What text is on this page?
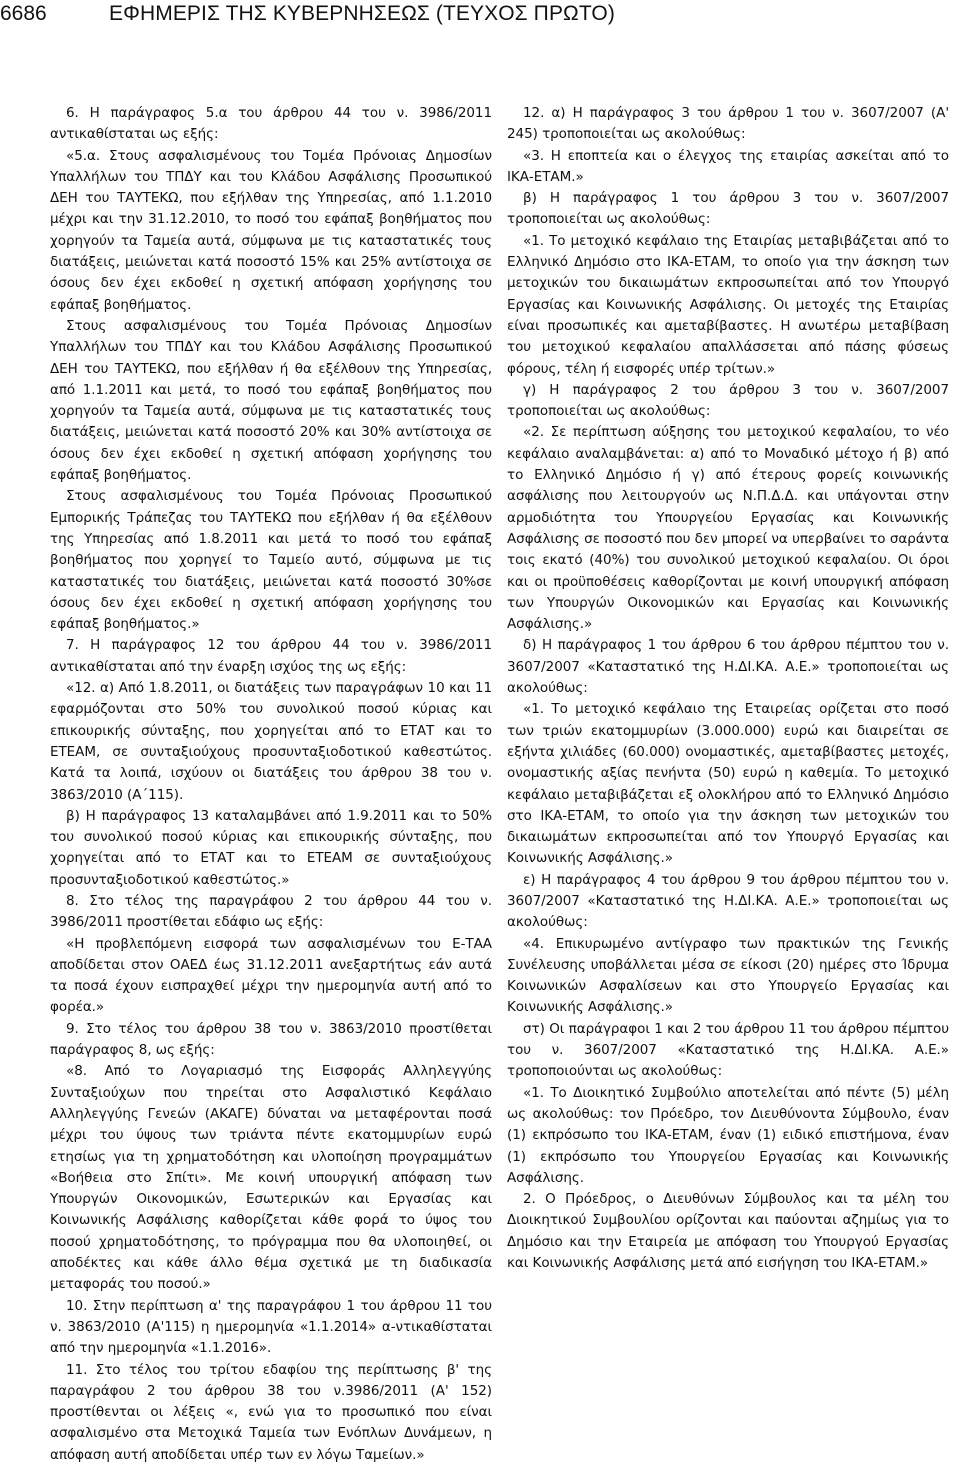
6686	ΕΦΗΜΕΡΙΣ ΤΗΣ ΚΥΒΕΡΝΗΣΕΩΣ (ΤΕΥΧΟΣ ΠΡΩΤΟ)

6. Η παράγραφος 5.α του άρθρου 44 του ν. 3986/2011 αντικαθίσταται ως εξής:

«5.α. Στους ασφαλισμένους του Τομέα Πρόνοιας Δημοσίων Υπαλλήλων του ΤΠΔΥ και του Κλάδου Ασφάλισης Προσωπικού ΔΕΗ του ΤΑΥΤΕΚΩ, που εξήλθαν της Υπηρεσίας, από 1.1.2010 μέχρι και την 31.12.2010, το ποσό του εφάπαξ βοηθήματος που χορηγούν τα Ταμεία αυτά, σύμφωνα με τις καταστατικές τους διατάξεις, μειώνεται κατά ποσοστό 15% και 25% αντίστοιχα σε όσους δεν έχει εκδοθεί η σχετική απόφαση χορήγησης του εφάπαξ βοηθήματος.

Στους ασφαλισμένους του Τομέα Πρόνοιας Δημοσίων Υπαλλήλων του ΤΠΔΥ και του Κλάδου Ασφάλισης Προσωπικού ΔΕΗ του ΤΑΥΤΕΚΩ, που εξήλθαν ή θα εξέλθουν της Υπηρεσίας, από 1.1.2011 και μετά, το ποσό του εφάπαξ βοηθήματος που χορηγούν τα Ταμεία αυτά, σύμφωνα με τις καταστατικές τους διατάξεις, μειώνεται κατά ποσοστό 20% και 30% αντίστοιχα σε όσους δεν έχει εκδοθεί η σχετική απόφαση χορήγησης του εφάπαξ βοηθήματος.

Στους ασφαλισμένους του Τομέα Πρόνοιας Προσωπικού Εμπορικής Τράπεζας του ΤΑΥΤΕΚΩ που εξήλθαν ή θα εξέλθουν της Υπηρεσίας από 1.8.2011 και μετά το ποσό του εφάπαξ βοηθήματος που χορηγεί το Ταμείο αυτό, σύμφωνα με τις καταστατικές του διατάξεις, μειώνεται κατά ποσοστό 30%σε όσους δεν έχει εκδοθεί η σχετική απόφαση χορήγησης του εφάπαξ βοηθήματος.»

7. Η παράγραφος 12 του άρθρου 44 του ν. 3986/2011 αντικαθίσταται από την έναρξη ισχύος της ως εξής:

«12. α) Από 1.8.2011, οι διατάξεις των παραγράφων 10 και 11 εφαρμόζονται στο 50% του συνολικού ποσού κύριας και επικουρικής σύνταξης, που χορηγείται από το ΕΤΑΤ και το ΕΤΕΑΜ, σε συνταξιούχους προσυνταξιοδοτικού καθεστώτος. Κατά τα λοιπά, ισχύουν οι διατάξεις του άρθρου 38 του ν. 3863/2010 (Α΄115).

β) Η παράγραφος 13 καταλαμβάνει από 1.9.2011 και το 50% του συνολικού ποσού κύριας και επικουρικής σύνταξης, που χορηγείται από το ΕΤΑΤ και το ΕΤΕΑΜ σε συνταξιούχους προσυνταξιοδοτικού καθεστώτος.»

8. Στο τέλος της παραγράφου 2 του άρθρου 44 του ν. 3986/2011 προστίθεται εδάφιο ως εξής:

«Η προβλεπόμενη εισφορά των ασφαλισμένων του Ε-ΤΑΑ αποδίδεται στον ΟΑΕΔ έως 31.12.2011 ανεξαρτήτως εάν αυτά τα ποσά έχουν εισπραχθεί μέχρι την ημερομηνία αυτή από το φορέα.»

9. Στο τέλος του άρθρου 38 του ν. 3863/2010 προστίθεται παράγραφος 8, ως εξής:

«8. Από το Λογαριασμό της Εισφοράς Αλληλεγγύης Συνταξιούχων που τηρείται στο Ασφαλιστικό Κεφάλαιο Αλληλεγγύης Γενεών (ΑΚΑΓΕ) δύναται να μεταφέρονται ποσά μέχρι του ύψους των τριάντα πέντε εκατομμυρίων ευρώ ετησίως για τη χρηματοδότηση και υλοποίηση προγραμμάτων «Βοήθεια στο Σπίτι». Με κοινή υπουργική απόφαση των Υπουργών Οικονομικών, Εσωτερικών και Εργασίας και Κοινωνικής Ασφάλισης καθορίζεται κάθε φορά το ύψος του ποσού χρηματοδότησης, το πρόγραμμα που θα υλοποιηθεί, οι αποδέκτες και κάθε άλλο θέμα σχετικά με τη διαδικασία μεταφοράς του ποσού.»

10. Στην περίπτωση α' της παραγράφου 1 του άρθρου 11 του ν. 3863/2010 (Α'115) η ημερομηνία «1.1.2014» α-ντικαθίσταται από την ημερομηνία «1.1.2016».

11. Στο τέλος του τρίτου εδαφίου της περίπτωσης β' της παραγράφου 2 του άρθρου 38 του ν.3986/2011 (Α' 152) προστίθενται οι λέξεις «, ενώ για το προσωπικό που είναι ασφαλισμένο στα Μετοχικά Ταμεία των Ενόπλων Δυνάμεων, η απόφαση αυτή αποδίδεται υπέρ των εν λόγω Ταμείων.»

12. α) Η παράγραφος 3 του άρθρου 1 του ν. 3607/2007 (Α' 245) τροποποιείται ως ακολούθως:

«3. Η εποπτεία και ο έλεγχος της εταιρίας ασκείται από το ΙΚΑ-ΕΤΑΜ.»

β) Η παράγραφος 1 του άρθρου 3 του ν. 3607/2007 τροποποιείται ως ακολούθως:

«1. Το μετοχικό κεφάλαιο της Εταιρίας μεταβιβάζεται από το Ελληνικό Δημόσιο στο ΙΚΑ-ΕΤΑΜ, το οποίο για την άσκηση των μετοχικών του δικαιωμάτων εκπροσωπείται από τον Υπουργό Εργασίας και Κοινωνικής Ασφάλισης. Οι μετοχές της Εταιρίας είναι προσωπικές και αμεταβίβαστες. Η ανωτέρω μεταβίβαση του μετοχικού κεφαλαίου απαλλάσσεται από πάσης φύσεως φόρους, τέλη ή εισφορές υπέρ τρίτων.»

γ) Η παράγραφος 2 του άρθρου 3 του ν. 3607/2007 τροποποιείται ως ακολούθως:

«2. Σε περίπτωση αύξησης του μετοχικού κεφαλαίου, το νέο κεφάλαιο αναλαμβάνεται: α) από το Μοναδικό μέτοχο ή β) από το Ελληνικό Δημόσιο ή γ) από έτερους φορείς κοινωνικής ασφάλισης που λειτουργούν ως Ν.Π.Δ.Δ. και υπάγονται στην αρμοδιότητα του Υπουργείου Εργασίας και Κοινωνικής Ασφάλισης σε ποσοστό που δεν μπορεί να υπερβαίνει το σαράντα τοις εκατό (40%) του συνολικού μετοχικού κεφαλαίου. Οι όροι και οι προϋποθέσεις καθορίζονται με κοινή υπουργική απόφαση των Υπουργών Οικονομικών και Εργασίας και Κοινωνικής Ασφάλισης.»

δ) Η παράγραφος 1 του άρθρου 6 του άρθρου πέμπτου του ν. 3607/2007 «Καταστατικό της Η.ΔΙ.ΚΑ. Α.Ε.» τροποποιείται ως ακολούθως:

«1. Το μετοχικό κεφάλαιο της Εταιρείας ορίζεται στο ποσό των τριών εκατομμυρίων (3.000.000) ευρώ και διαιρείται σε εξήντα χιλιάδες (60.000) ονομαστικές, αμεταβίβαστες μετοχές, ονομαστικής αξίας πενήντα (50) ευρώ η καθεμία. Το μετοχικό κεφάλαιο μεταβιβάζεται εξ ολοκλήρου από το Ελληνικό Δημόσιο στο ΙΚΑ-ΕΤΑΜ, το οποίο για την άσκηση των μετοχικών του δικαιωμάτων εκπροσωπείται από τον Υπουργό Εργασίας και Κοινωνικής Ασφάλισης.»

ε) Η παράγραφος 4 του άρθρου 9 του άρθρου πέμπτου του ν. 3607/2007 «Καταστατικό της Η.ΔΙ.ΚΑ. Α.Ε.» τροποποιείται ως ακολούθως:

«4. Επικυρωμένο αντίγραφο των πρακτικών της Γενικής Συνέλευσης υποβάλλεται μέσα σε είκοσι (20) ημέρες στο Ίδρυμα Κοινωνικών Ασφαλίσεων και στο Υπουργείο Εργασίας και Κοινωνικής Ασφάλισης.»

στ) Οι παράγραφοι 1 και 2 του άρθρου 11 του άρθρου πέμπτου του ν. 3607/2007 «Καταστατικό της Η.ΔΙ.ΚΑ. Α.Ε.» τροποποιούνται ως ακολούθως:

«1. Το Διοικητικό Συμβούλιο αποτελείται από πέντε (5) μέλη ως ακολούθως: τον Πρόεδρο, τον Διευθύνοντα Σύμβουλο, έναν (1) εκπρόσωπο του ΙΚΑ-ΕΤΑΜ, έναν (1) ειδικό επιστήμονα, έναν (1) εκπρόσωπο του Υπουργείου Εργασίας και Κοινωνικής Ασφάλισης.

2. Ο Πρόεδρος, ο Διευθύνων Σύμβουλος και τα μέλη του Διοικητικού Συμβουλίου ορίζονται και παύονται αζημίως για το Δημόσιο και την Εταιρεία με απόφαση του Υπουργού Εργασίας και Κοινωνικής Ασφάλισης μετά από εισήγηση του ΙΚΑ-ΕΤΑΜ.»
